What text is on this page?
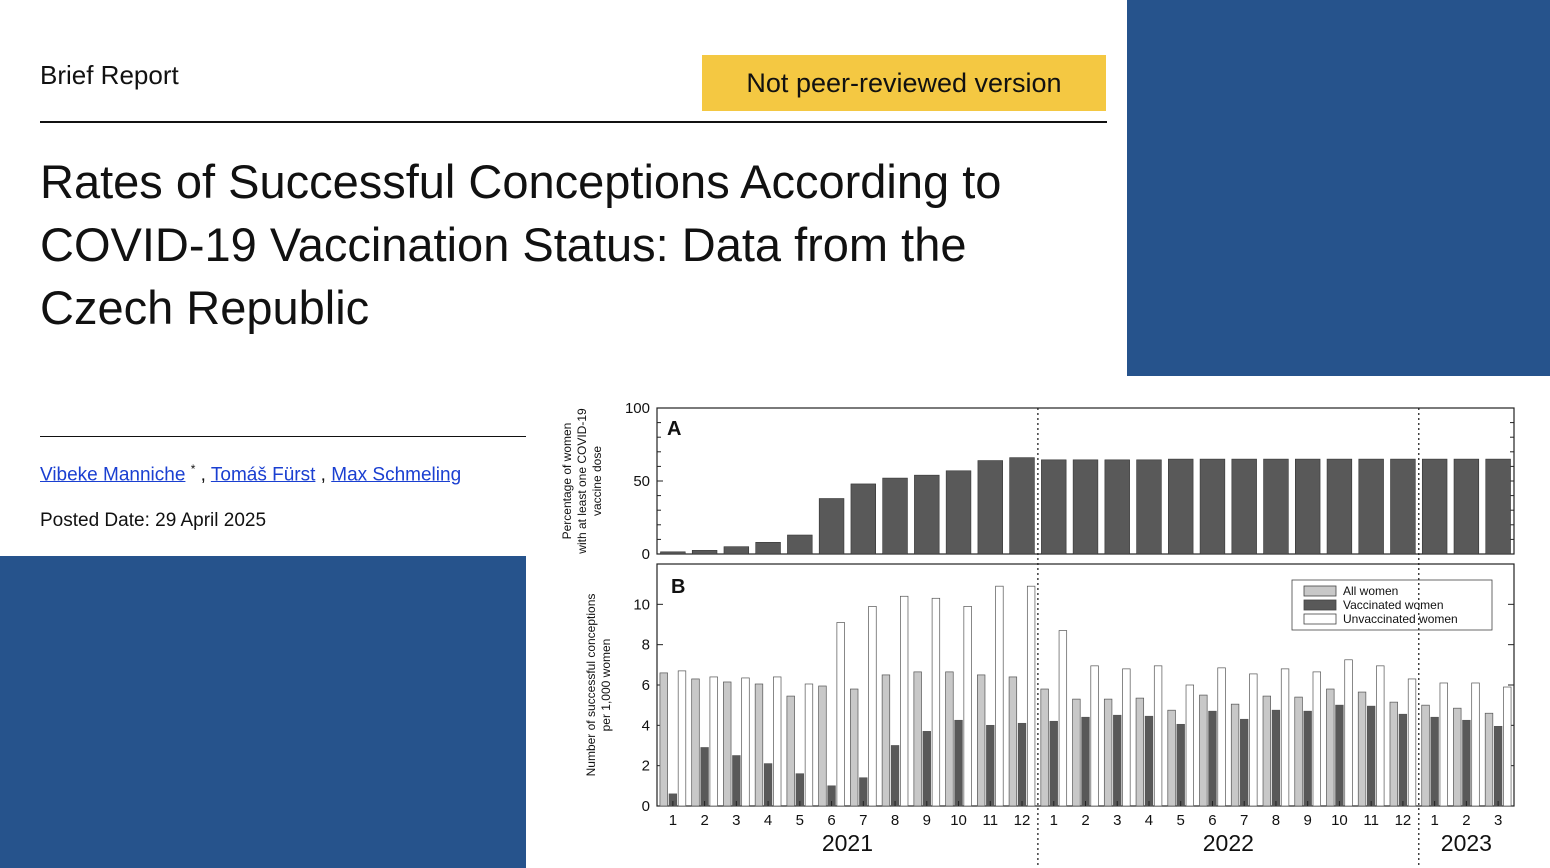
Brief Report	Not peer-reviewed version
Rates of Successful Conceptions According to COVID-19 Vaccination Status: Data from the Czech Republic
Vibeke Manniche * , Tomáš Fürst , Max Schmeling
Posted Date: 29 April 2025
0
50
100
A
Percentage of women with at least one COVID-19 vaccine dose
0
2
4
6
8
10
B
Number of successful conceptions per 1,000 women
All women
Vaccinated women
Unvaccinated women
1 2 3 4 5 6 7 8 9 10 11 12 1 2 3 4 5 6 7 8 9 10 11 12 1 2 3
2021	2022	2023
